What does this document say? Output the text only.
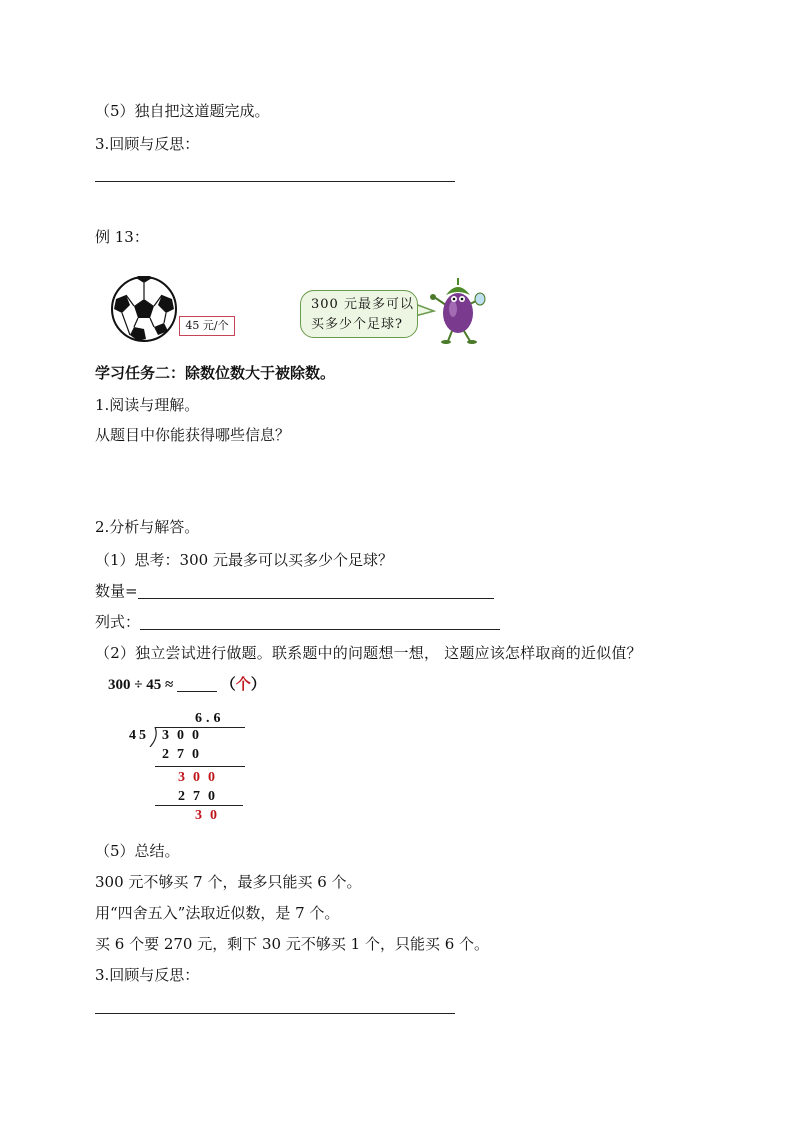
（5）独自把这道题完成。
3.回顾与反思：
例 13：
45 元/个
300 元最多可以
买多少个足球?
学习任务二：除数位数大于被除数。
1.阅读与理解。
从题目中你能获得哪些信息？
2.分析与解答。
（1）思考：300 元最多可以买多少个足球？
数量=
列式：
（2）独立尝试进行做题。联系题中的问题想一想， 这题应该怎样取商的近似值？
300 ÷ 45 ≈	（个）
6.6
45 300
270
300
270
30
（5）总结。
300 元不够买 7 个，最多只能买 6 个。
用“四舍五入”法取近似数，是 7 个。
买 6 个要 270 元，剩下 30 元不够买 1 个，只能买 6 个。
3.回顾与反思：
